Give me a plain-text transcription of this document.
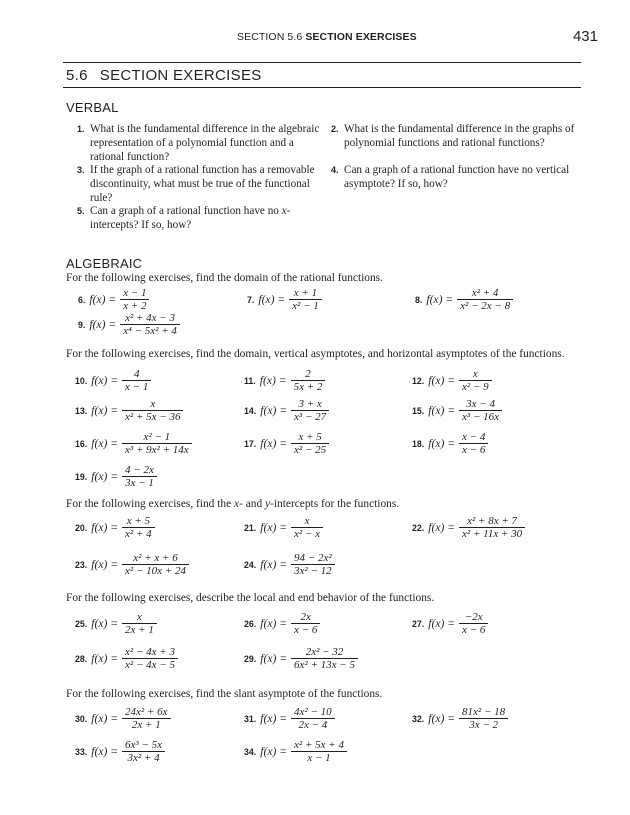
SECTION 5.6 SECTION EXERCISES	431
5.6 SECTION EXERCISES
VERBAL
1. What is the fundamental difference in the algebraic representation of a polynomial function and a rational function?
2. What is the fundamental difference in the graphs of polynomial functions and rational functions?
3. If the graph of a rational function has a removable discontinuity, what must be true of the functional rule?
4. Can a graph of a rational function have no vertical asymptote? If so, how?
5. Can a graph of a rational function have no x-intercepts? If so, how?
ALGEBRAIC
For the following exercises, find the domain of the rational functions.
For the following exercises, find the domain, vertical asymptotes, and horizontal asymptotes of the functions.
For the following exercises, find the x- and y-intercepts for the functions.
For the following exercises, describe the local and end behavior of the functions.
For the following exercises, find the slant asymptote of the functions.
6. $f(x) = \frac{x - 1}{x + 2}$	7. $f(x) = \frac{x + 1}{\text{x² − 1}}$	8. $f(x) = \frac{\text{x² + 4}}{\text{x² − 2x − 8}}$
9. $f(x) = \frac{\text{x² + 4x − 3}}{\text{x⁴ − 5x² + 4}}$
10. $f(x) = \frac{4}{x - 1}$	11. $f(x) = \frac{2}{5x + 2}$	12. $f(x) = \frac{x}{\text{x² − 9}}$
13. $f(x) = \frac{x}{\text{x² + 5x − 36}}$	14. $f(x) = \frac{3 + x}{\text{x³ − 27}}$	15. $f(x) = \frac{3x - 4}{\text{x³ − 16x}}$
16. $f(x) = \frac{\text{x² − 1}}{\text{x³ + 9x² + 14x}}$	17. $f(x) = \frac{x + 5}{\text{x² − 25}}$	18. $f(x) = \frac{x - 4}{x - 6}$
19. $f(x) = \frac{4 - 2x}{3x - 1}$
20. $f(x) = \frac{x + 5}{\text{x² + 4}}$	21. $f(x) = \frac{x}{\text{x² − x}}$	22. $f(x) = \frac{\text{x² + 8x + 7}}{\text{x² + 11x + 30}}$
23. $f(x) = \frac{\text{x² + x + 6}}{\text{x² − 10x + 24}}$	24. $f(x) = \frac{\text{94 − 2x²}}{\text{3x² − 12}}$
25. $f(x) = \frac{x}{2x + 1}$	26. $f(x) = \frac{2x}{x - 6}$	27. $f(x) = \frac{-2x}{x - 6}$
28. $f(x) = \frac{\text{x² − 4x + 3}}{\text{x² − 4x − 5}}$	29. $f(x) = \frac{\text{2x² − 32}}{\text{6x² + 13x − 5}}$
30. $f(x) = \frac{\text{24x² + 6x}}{2x + 1}$	31. $f(x) = \frac{\text{4x² − 10}}{2x - 4}$	32. $f(x) = \frac{\text{81x² − 18}}{3x - 2}$
33. $f(x) = \frac{\text{6x³ − 5x}}{\text{3x² + 4}}$	34. $f(x) = \frac{\text{x² + 5x + 4}}{x - 1}$
